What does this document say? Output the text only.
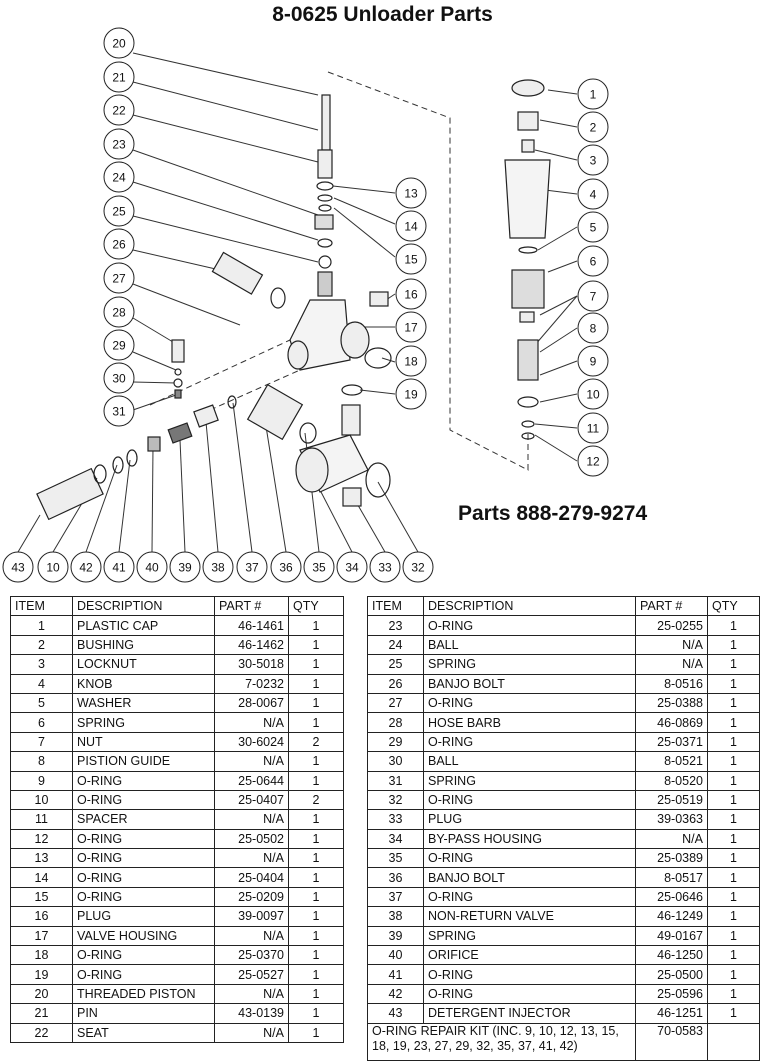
8-0625 Unloader Parts
1
2
3
4
5
6
7
8
9
10
11
12
13
14
15
16
17
18
19
20
21
22
23
24
25
26
27
28
29
30
31
43 10 42 41 40 39 38 37 36 35 34 33 32
Parts 888-279-9274
ITEM	DESCRIPTION	PART #	QTY
1	PLASTIC CAP	46-1461	1
2	BUSHING	46-1462	1
3	LOCKNUT	30-5018	1
4	KNOB	7-0232	1
5	WASHER	28-0067	1
6	SPRING	N/A	1
7	NUT	30-6024	2
8	PISTION GUIDE	N/A	1
9	O-RING	25-0644	1
10	O-RING	25-0407	2
11	SPACER	N/A	1
12	O-RING	25-0502	1
13	O-RING	N/A	1
14	O-RING	25-0404	1
15	O-RING	25-0209	1
16	PLUG	39-0097	1
17	VALVE HOUSING	N/A	1
18	O-RING	25-0370	1
19	O-RING	25-0527	1
20	THREADED PISTON	N/A	1
21	PIN	43-0139	1
22	SEAT	N/A	1
ITEM	DESCRIPTION	PART #	QTY
23	O-RING	25-0255	1
24	BALL	N/A	1
25	SPRING	N/A	1
26	BANJO BOLT	8-0516	1
27	O-RING	25-0388	1
28	HOSE BARB	46-0869	1
29	O-RING	25-0371	1
30	BALL	8-0521	1
31	SPRING	8-0520	1
32	O-RING	25-0519	1
33	PLUG	39-0363	1
34	BY-PASS HOUSING	N/A	1
35	O-RING	25-0389	1
36	BANJO BOLT	8-0517	1
37	O-RING	25-0646	1
38	NON-RETURN VALVE	46-1249	1
39	SPRING	49-0167	1
40	ORIFICE	46-1250	1
41	O-RING	25-0500	1
42	O-RING	25-0596	1
43	DETERGENT INJECTOR	46-1251	1
O-RING REPAIR KIT (INC. 9, 10, 12, 13, 15, 18, 19, 23, 27, 29, 32, 35, 37, 41, 42)		70-0583	
